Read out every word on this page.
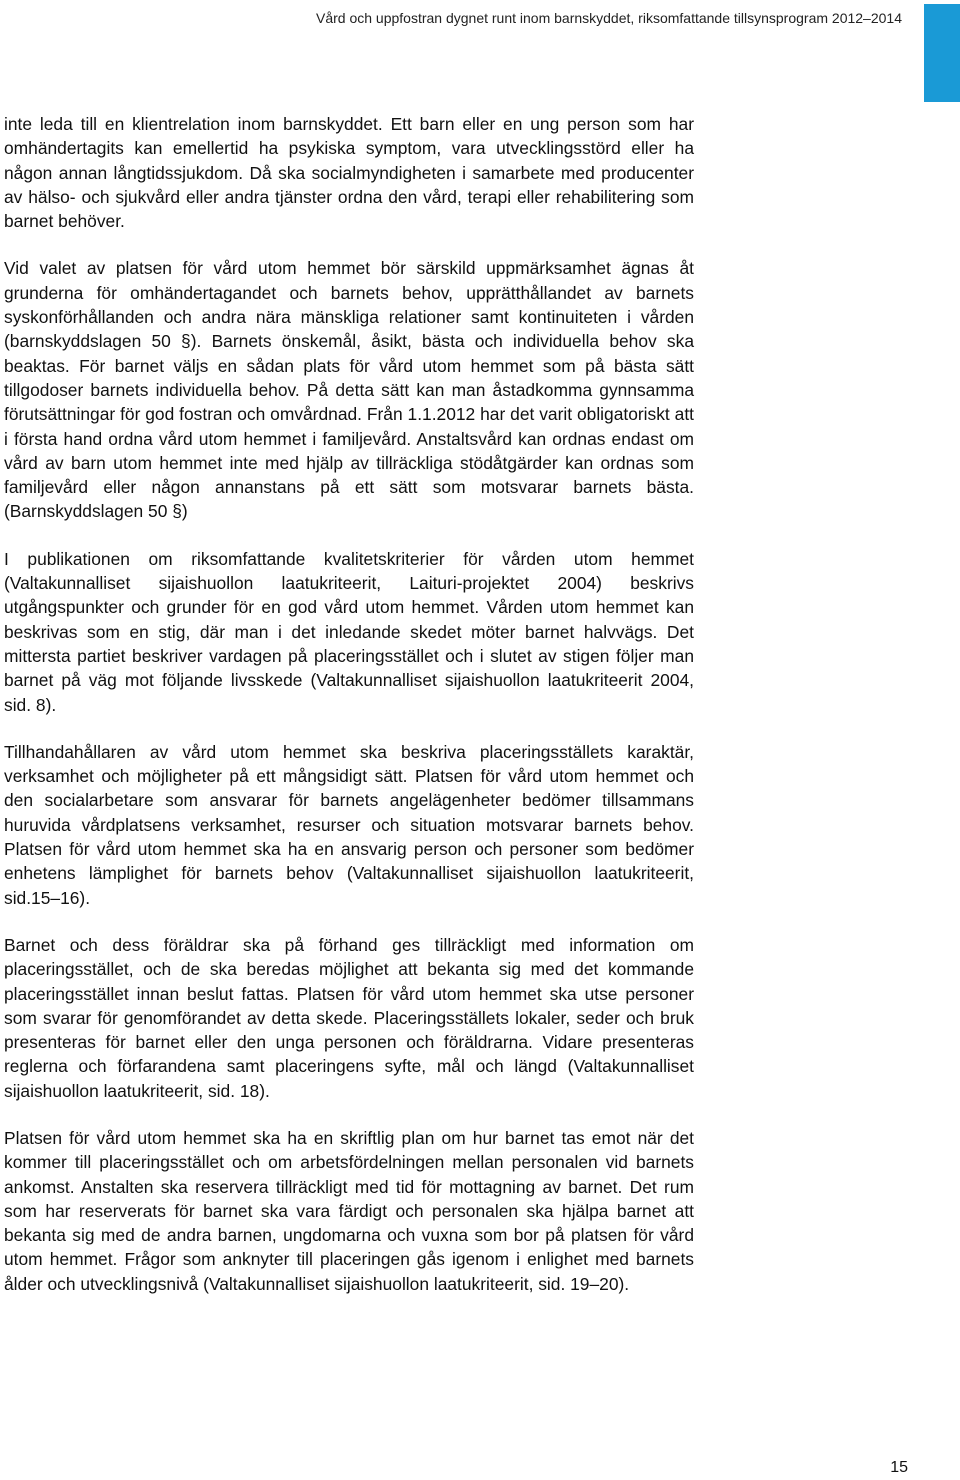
Vård och uppfostran dygnet runt inom barnskyddet, riksomfattande tillsynsprogram 2012–2014

inte leda till en klientrelation inom barnskyddet. Ett barn eller en ung person som har omhändertagits kan emellertid ha psykiska symptom, vara utvecklingsstörd eller ha någon annan långtidssjukdom. Då ska socialmyndigheten i samarbete med producenter av hälso- och sjukvård eller andra tjänster ordna den vård, terapi eller rehabilitering som barnet behöver.

Vid valet av platsen för vård utom hemmet bör särskild uppmärksamhet ägnas åt grunderna för omhändertagandet och barnets behov, upprätthållandet av barnets syskonförhållanden och andra nära mänskliga relationer samt kontinuiteten i vården (barnskyddslagen 50 §). Barnets önskemål, åsikt, bästa och individuella behov ska beaktas. För barnet väljs en sådan plats för vård utom hemmet som på bästa sätt tillgodoser barnets individuella behov. På detta sätt kan man åstadkomma gynnsamma förutsättningar för god fostran och omvårdnad. Från 1.1.2012 har det varit obligatoriskt att i första hand ordna vård utom hemmet i familjevård. Anstaltsvård kan ordnas endast om vård av barn utom hemmet inte med hjälp av tillräckliga stödåtgärder kan ordnas som familjevård eller någon annanstans på ett sätt som motsvarar barnets bästa. (Barnskyddslagen 50 §)

I publikationen om riksomfattande kvalitetskriterier för vården utom hemmet (Valtakunnalliset sijaishuollon laatukriteerit, Laituri-projektet 2004) beskrivs utgångspunkter och grunder för en god vård utom hemmet. Vården utom hemmet kan beskrivas som en stig, där man i det inledande skedet möter barnet halvvägs. Det mittersta partiet beskriver vardagen på placeringsstället och i slutet av stigen följer man barnet på väg mot följande livsskede (Valtakunnalliset sijaishuollon laatukriteerit 2004, sid. 8).

Tillhandahållaren av vård utom hemmet ska beskriva placeringsställets karaktär, verksamhet och möjligheter på ett mångsidigt sätt. Platsen för vård utom hemmet och den socialarbetare som ansvarar för barnets angelägenheter bedömer tillsammans huruvida vårdplatsens verksamhet, resurser och situation motsvarar barnets behov. Platsen för vård utom hemmet ska ha en ansvarig person och personer som bedömer enhetens lämplighet för barnets behov (Valtakunnalliset sijaishuollon laatukriteerit, sid.15–16).

Barnet och dess föräldrar ska på förhand ges tillräckligt med information om placeringsstället, och de ska beredas möjlighet att bekanta sig med det kommande placeringsstället innan beslut fattas. Platsen för vård utom hemmet ska utse personer som svarar för genomförandet av detta skede. Placeringsställets lokaler, seder och bruk presenteras för barnet eller den unga personen och föräldrarna. Vidare presenteras reglerna och förfarandena samt placeringens syfte, mål och längd (Valtakunnalliset sijaishuollon laatukriteerit, sid. 18).

Platsen för vård utom hemmet ska ha en skriftlig plan om hur barnet tas emot när det kommer till placeringsstället och om arbetsfördelningen mellan personalen vid barnets ankomst. Anstalten ska reservera tillräckligt med tid för mottagning av barnet. Det rum som har reserverats för barnet ska vara färdigt och personalen ska hjälpa barnet att bekanta sig med de andra barnen, ungdomarna och vuxna som bor på platsen för vård utom hemmet. Frågor som anknyter till placeringen gås igenom i enlighet med barnets ålder och utvecklingsnivå (Valtakunnalliset sijaishuollon laatukriteerit, sid. 19–20).

15
